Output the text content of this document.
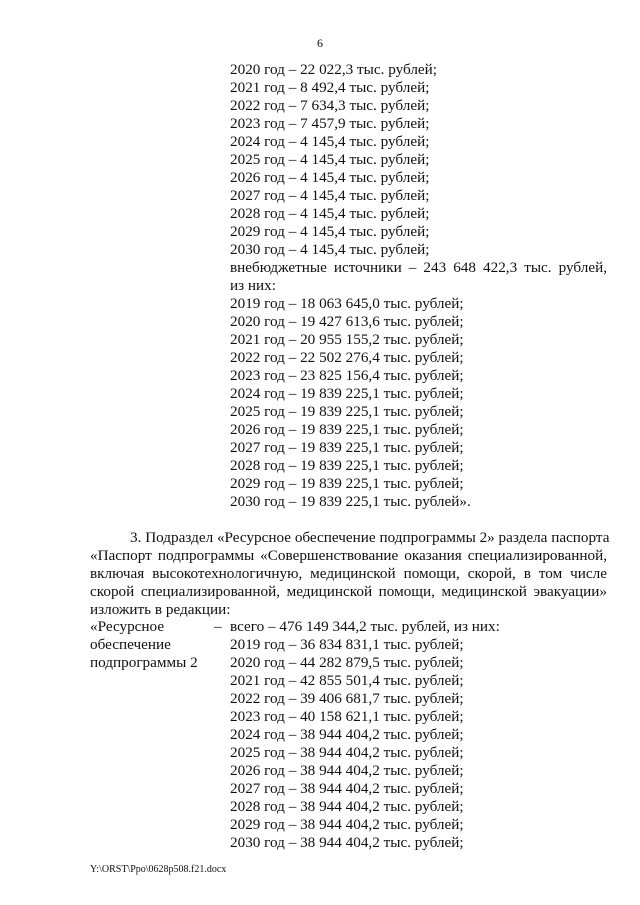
6
2020 год – 22 022,3 тыс. рублей;
2021 год – 8 492,4 тыс. рублей;
2022 год – 7 634,3 тыс. рублей;
2023 год – 7 457,9 тыс. рублей;
2024 год – 4 145,4 тыс. рублей;
2025 год – 4 145,4 тыс. рублей;
2026 год – 4 145,4 тыс. рублей;
2027 год – 4 145,4 тыс. рублей;
2028 год – 4 145,4 тыс. рублей;
2029 год – 4 145,4 тыс. рублей;
2030 год – 4 145,4 тыс. рублей;
внебюджетные источники – 243 648 422,3 тыс. рублей,
из них:
2019 год – 18 063 645,0 тыс. рублей;
2020 год – 19 427 613,6 тыс. рублей;
2021 год – 20 955 155,2 тыс. рублей;
2022 год – 22 502 276,4 тыс. рублей;
2023 год – 23 825 156,4 тыс. рублей;
2024 год – 19 839 225,1 тыс. рублей;
2025 год – 19 839 225,1 тыс. рублей;
2026 год – 19 839 225,1 тыс. рублей;
2027 год – 19 839 225,1 тыс. рублей;
2028 год – 19 839 225,1 тыс. рублей;
2029 год – 19 839 225,1 тыс. рублей;
2030 год – 19 839 225,1 тыс. рублей».
3. Подраздел «Ресурсное обеспечение подпрограммы 2» раздела паспорта
«Паспорт подпрограммы «Совершенствование оказания специализированной,
включая высокотехнологичную, медицинской помощи, скорой, в том числе
скорой специализированной, медицинской помощи, медицинской эвакуации»
изложить в редакции:
«Ресурсное
обеспечение
подпрограммы 2
– всего – 476 149 344,2 тыс. рублей, из них:
2019 год – 36 834 831,1 тыс. рублей;
2020 год – 44 282 879,5 тыс. рублей;
2021 год – 42 855 501,4 тыс. рублей;
2022 год – 39 406 681,7 тыс. рублей;
2023 год – 40 158 621,1 тыс. рублей;
2024 год – 38 944 404,2 тыс. рублей;
2025 год – 38 944 404,2 тыс. рублей;
2026 год – 38 944 404,2 тыс. рублей;
2027 год – 38 944 404,2 тыс. рублей;
2028 год – 38 944 404,2 тыс. рублей;
2029 год – 38 944 404,2 тыс. рублей;
2030 год – 38 944 404,2 тыс. рублей;
Y:\ORST\Ppo\0628p508.f21.docx
